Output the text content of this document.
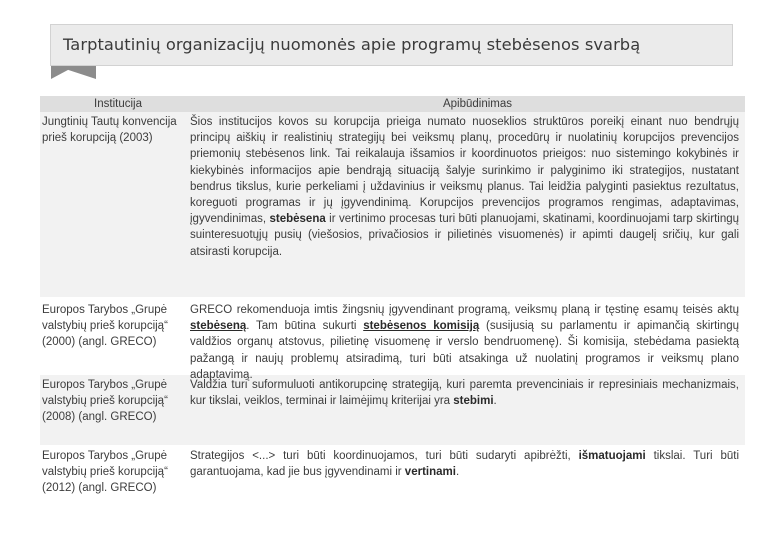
Tarptautinių organizacijų nuomonės apie programų stebėsenos svarbą
Institucija	Apibūdinimas
Jungtinių Tautų konvencija prieš korupciją (2003)
Šios institucijos kovos su korupcija prieiga numato nuoseklios struktūros poreikį einant nuo bendrųjų principų aiškių ir realistinių strategijų bei veiksmų planų, procedūrų ir nuolatinių korupcijos prevencijos priemonių stebėsenos link. Tai reikalauja išsamios ir koordinuotos prieigos: nuo sistemingo kokybinės ir kiekybinės informacijos apie bendrąją situaciją šalyje surinkimo ir palyginimo iki strategijos, nustatant bendrus tikslus, kurie perkeliami į uždavinius ir veiksmų planus. Tai leidžia palyginti pasiektus rezultatus, koreguoti programas ir jų įgyvendinimą. Korupcijos prevencijos programos rengimas, adaptavimas, įgyvendinimas, stebėsena ir vertinimo procesas turi būti planuojami, skatinami, koordinuojami tarp skirtingų suinteresuotųjų pusių (viešosios, privačiosios ir pilietinės visuomenės) ir apimti daugelį sričių, kur gali atsirasti korupcija.
Europos Tarybos „Grupė valstybių prieš korupciją“ (2000) (angl. GRECO)
GRECO rekomenduoja imtis žingsnių įgyvendinant programą, veiksmų planą ir tęstinę esamų teisės aktų stebėseną. Tam būtina sukurti stebėsenos komisiją (susijusią su parlamentu ir apimančią skirtingų valdžios organų atstovus, pilietinę visuomenę ir verslo bendruomenę). Ši komisija, stebėdama pasiektą pažangą ir naujų problemų atsiradimą, turi būti atsakinga už nuolatinį programos ir veiksmų plano adaptavimą.
Europos Tarybos „Grupė valstybių prieš korupciją“ (2008) (angl. GRECO)
Valdžia turi suformuluoti antikorupcinę strategiją, kuri paremta prevenciniais ir represiniais mechanizmais, kur tikslai, veiklos, terminai ir laimėjimų kriterijai yra stebimi.
Europos Tarybos „Grupė valstybių prieš korupciją“ (2012) (angl. GRECO)
Strategijos <...> turi būti koordinuojamos, turi būti sudaryti apibrėžti, išmatuojami tikslai. Turi būti garantuojama, kad jie bus įgyvendinami ir vertinami.
